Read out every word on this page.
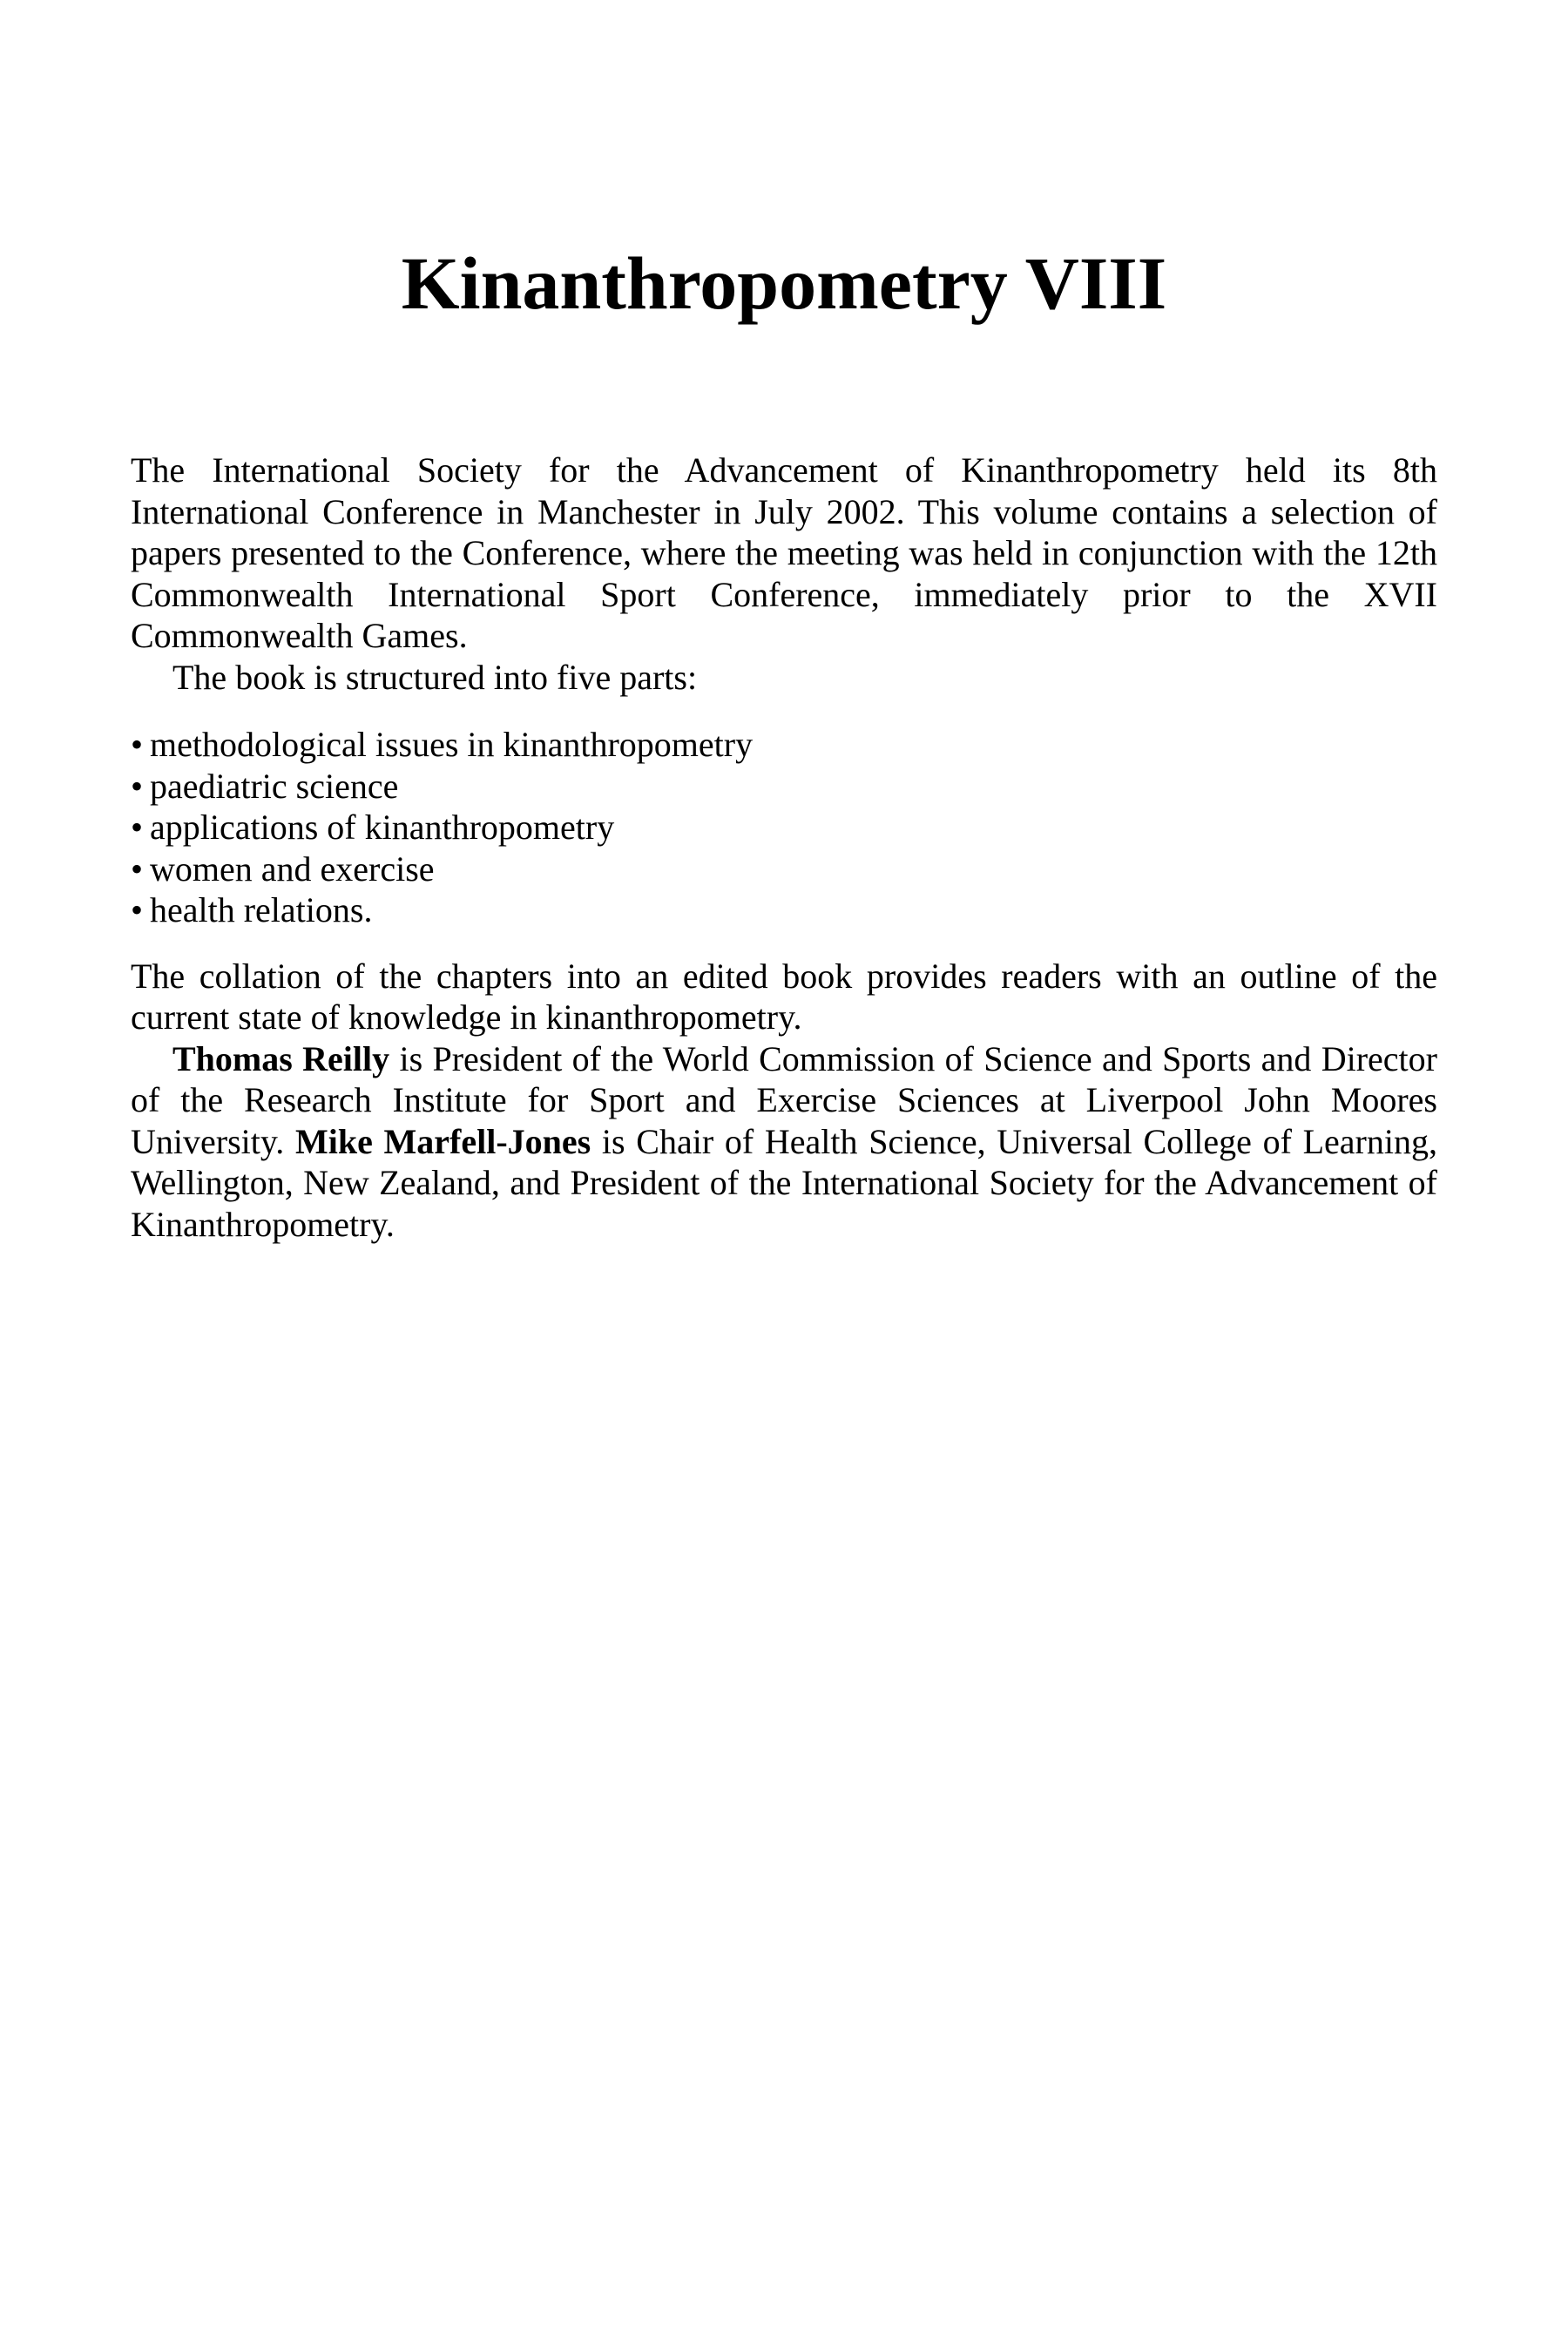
Kinanthropometry VIII

The International Society for the Advancement of Kinanthropometry held its 8th International Conference in Manchester in July 2002. This volume contains a selection of papers presented to the Conference, where the meeting was held in conjunction with the 12th Commonwealth International Sport Conference, immediately prior to the XVII Commonwealth Games.

The book is structured into five parts:

• methodological issues in kinanthropometry
• paediatric science
• applications of kinanthropometry
• women and exercise
• health relations.

The collation of the chapters into an edited book provides readers with an outline of the current state of knowledge in kinanthropometry.

Thomas Reilly is President of the World Commission of Science and Sports and Director of the Research Institute for Sport and Exercise Sciences at Liverpool John Moores University. Mike Marfell-Jones is Chair of Health Science, Universal College of Learning, Wellington, New Zealand, and President of the International Society for the Advancement of Kinanthropometry.
